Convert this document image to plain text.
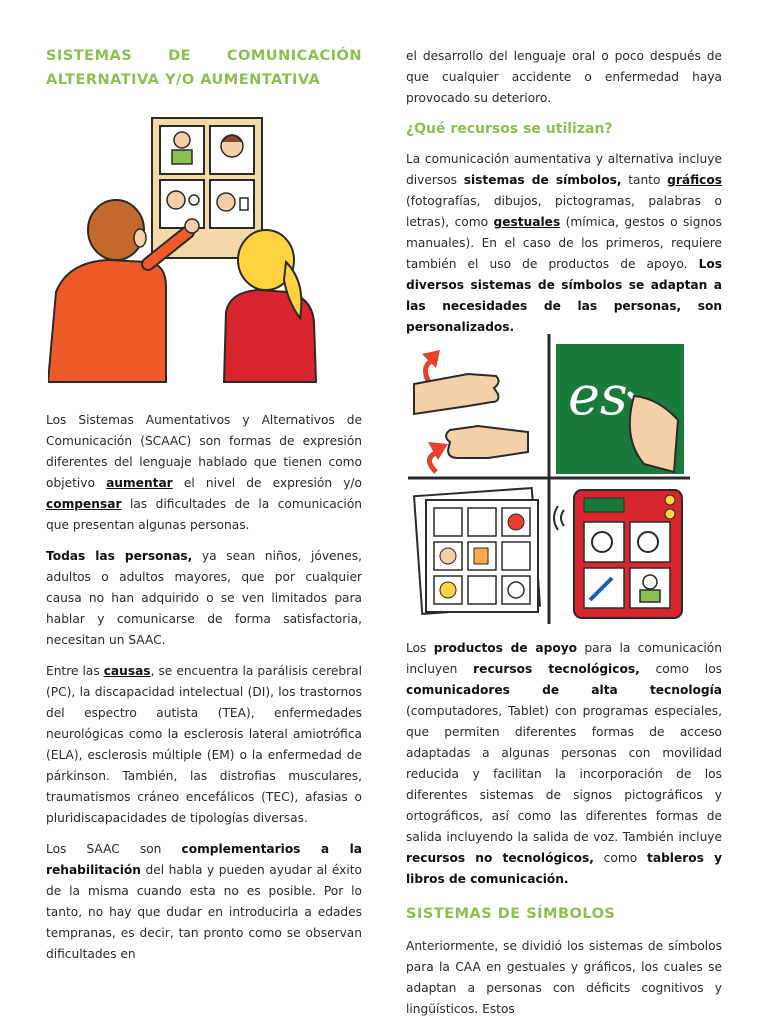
SISTEMAS DE COMUNICACIÓN
ALTERNATIVA Y/O AUMENTATIVA

Los Sistemas Aumentativos y Alternativos de Comunicación (SCAAC) son formas de expresión diferentes del lenguaje hablado que tienen como objetivo aumentar el nivel de expresión y/o compensar las dificultades de la comunicación que presentan algunas personas.

Todas las personas, ya sean niños, jóvenes, adultos o adultos mayores, que por cualquier causa no han adquirido o se ven limitados para hablar y comunicarse de forma satisfactoria, necesitan un SAAC.

Entre las causas, se encuentra la parálisis cerebral (PC), la discapacidad intelectual (DI), los trastornos del espectro autista (TEA), enfermedades neurológicas como la esclerosis lateral amiotrófica (ELA), esclerosis múltiple (EM) o la enfermedad de párkinson. También, las distrofias musculares, traumatismos cráneo encefálicos (TEC), afasias o pluridiscapacidades de tipologías diversas.

Los SAAC son complementarios a la rehabilitación del habla y pueden ayudar al éxito de la misma cuando esta no es posible. Por lo tanto, no hay que dudar en introducirla a edades tempranas, es decir, tan pronto como se observan dificultades en

el desarrollo del lenguaje oral o poco después de que cualquier accidente o enfermedad haya provocado su deterioro.

¿Qué recursos se utilizan?

La comunicación aumentativa y alternativa incluye diversos sistemas de símbolos, tanto gráficos (fotografías, dibujos, pictogramas, palabras o letras), como gestuales (mímica, gestos o signos manuales). En el caso de los primeros, requiere también el uso de productos de apoyo. Los diversos sistemas de símbolos se adaptan a las necesidades de las personas, son personalizados.

es

Los productos de apoyo para la comunicación incluyen recursos tecnológicos, como los comunicadores de alta tecnología (computadores, Tablet) con programas especiales, que permiten diferentes formas de acceso adaptadas a algunas personas con movilidad reducida y facilitan la incorporación de los diferentes sistemas de signos pictográficos y ortográficos, así como las diferentes formas de salida incluyendo la salida de voz. También incluye recursos no tecnológicos, como tableros y libros de comunicación.

SISTEMAS DE SÍMBOLOS

Anteriormente, se dividió los sistemas de símbolos para la CAA en gestuales y gráficos, los cuales se adaptan a personas con déficits cognitivos y lingüísticos. Estos
